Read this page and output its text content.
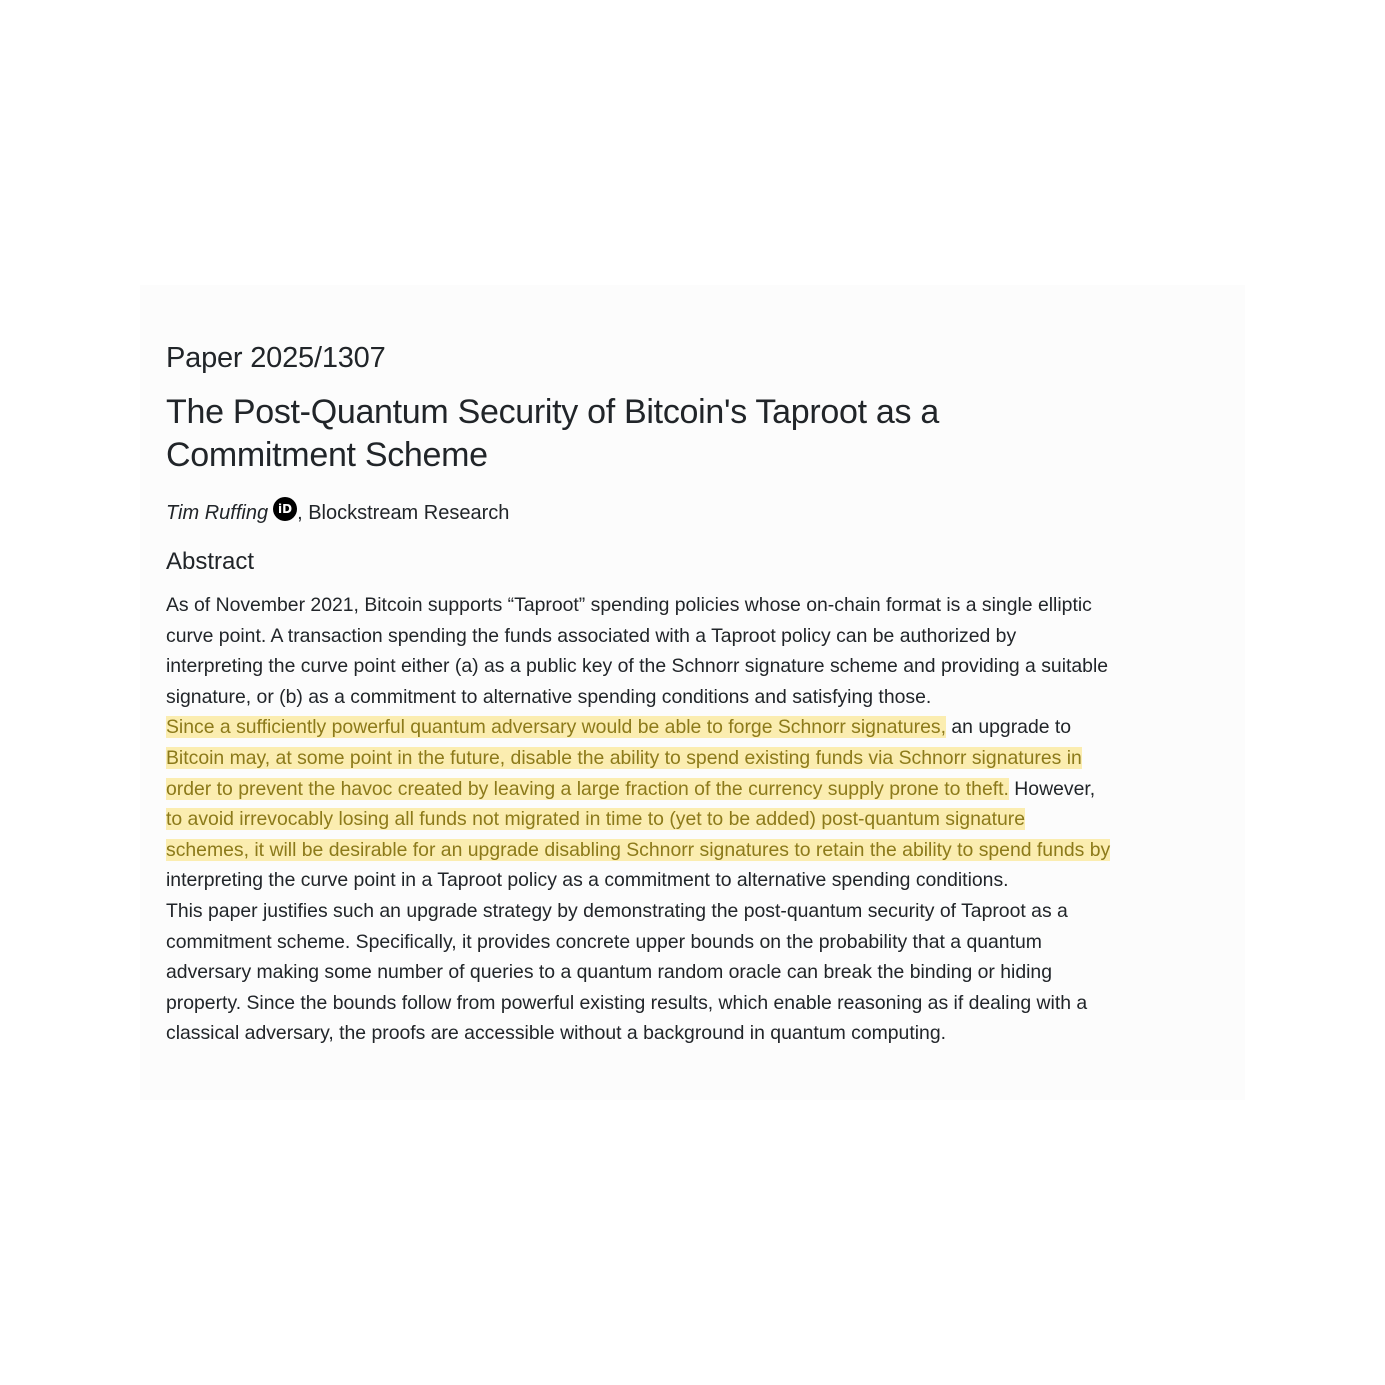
Paper 2025/1307
The Post-Quantum Security of Bitcoin's Taproot as a Commitment Scheme

Tim Ruffing iD , Blockstream Research

Abstract
As of November 2021, Bitcoin supports “Taproot” spending policies whose on-chain format is a single elliptic
curve point. A transaction spending the funds associated with a Taproot policy can be authorized by
interpreting the curve point either (a) as a public key of the Schnorr signature scheme and providing a suitable
signature, or (b) as a commitment to alternative spending conditions and satisfying those.
Since a sufficiently powerful quantum adversary would be able to forge Schnorr signatures, an upgrade to
Bitcoin may, at some point in the future, disable the ability to spend existing funds via Schnorr signatures in
order to prevent the havoc created by leaving a large fraction of the currency supply prone to theft. However,
to avoid irrevocably losing all funds not migrated in time to (yet to be added) post-quantum signature
schemes, it will be desirable for an upgrade disabling Schnorr signatures to retain the ability to spend funds by
interpreting the curve point in a Taproot policy as a commitment to alternative spending conditions.
This paper justifies such an upgrade strategy by demonstrating the post-quantum security of Taproot as a
commitment scheme. Specifically, it provides concrete upper bounds on the probability that a quantum
adversary making some number of queries to a quantum random oracle can break the binding or hiding
property. Since the bounds follow from powerful existing results, which enable reasoning as if dealing with a
classical adversary, the proofs are accessible without a background in quantum computing.
